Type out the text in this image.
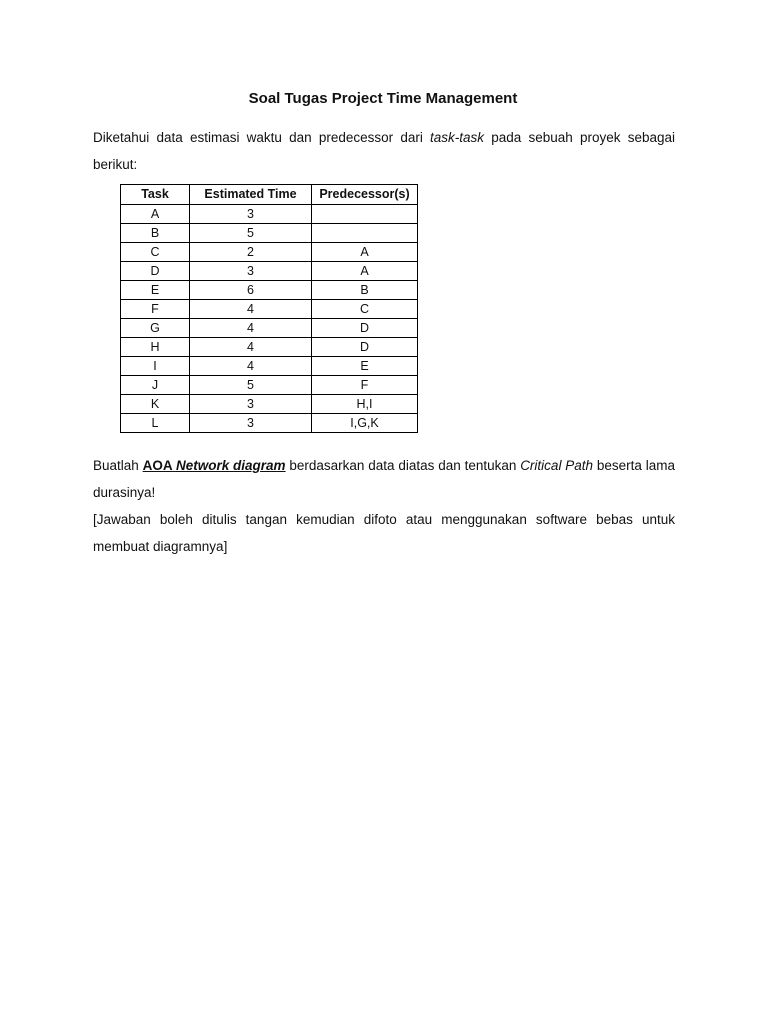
Soal Tugas Project Time Management
Diketahui data estimasi waktu dan predecessor dari task-task pada sebuah proyek sebagai berikut:
Task	Estimated Time	Predecessor(s)
A	3	
B	5	
C	2	A
D	3	A
E	6	B
F	4	C
G	4	D
H	4	D
I	4	E
J	5	F
K	3	H,I
L	3	I,G,K
Buatlah AOA Network diagram berdasarkan data diatas dan tentukan Critical Path beserta lama durasinya!
[Jawaban boleh ditulis tangan kemudian difoto atau menggunakan software bebas untuk membuat diagramnya]
